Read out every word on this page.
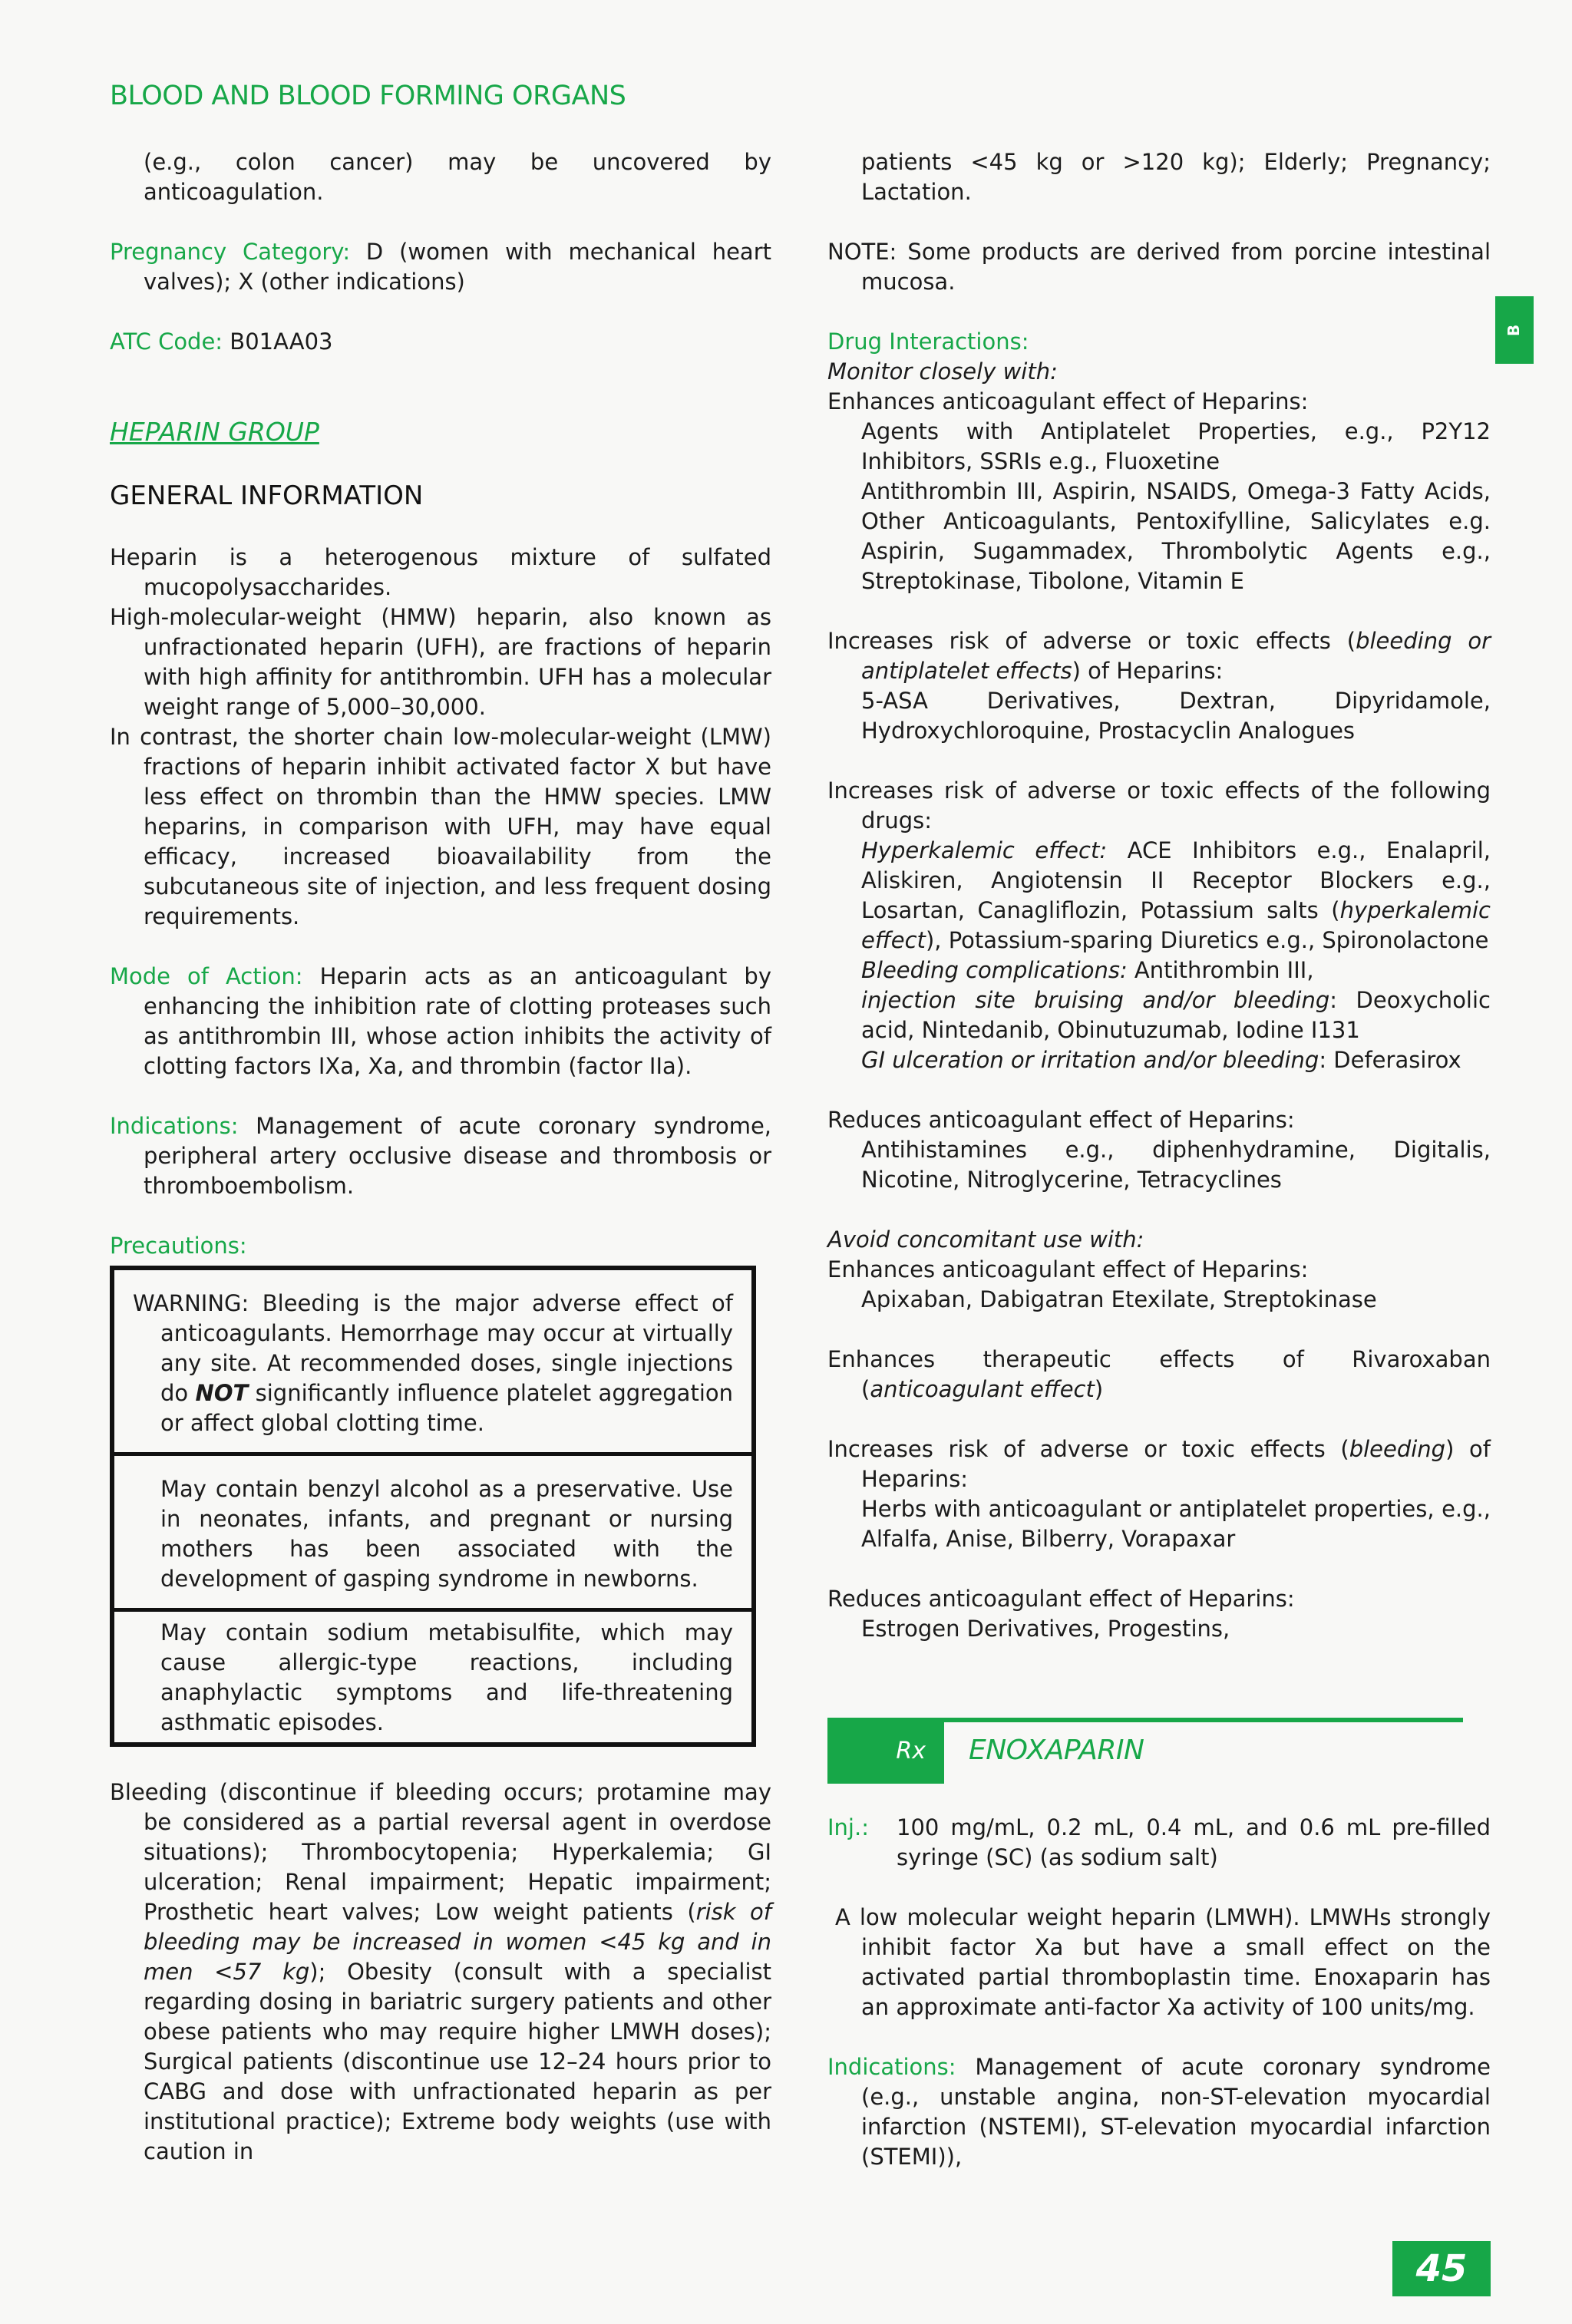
BLOOD AND BLOOD FORMING ORGANS
B

(e.g., colon cancer) may be uncovered by anticoagulation.

Pregnancy Category: D (women with mechanical heart valves); X (other indications)

ATC Code: B01AA03

HEPARIN GROUP

GENERAL INFORMATION

Heparin is a heterogenous mixture of sulfated mucopolysaccharides.

High-molecular-weight (HMW) heparin, also known as unfractionated heparin (UFH), are fractions of heparin with high affinity for antithrombin. UFH has a molecular weight range of 5,000–30,000.

In contrast, the shorter chain low-molecular-weight (LMW) fractions of heparin inhibit activated factor X but have less effect on thrombin than the HMW species. LMW heparins, in comparison with UFH, may have equal efficacy, increased bioavailability from the subcutaneous site of injection, and less frequent dosing requirements.

Mode of Action: Heparin acts as an anticoagulant by enhancing the inhibition rate of clotting proteases such as antithrombin III, whose action inhibits the activity of clotting factors IXa, Xa, and thrombin (factor IIa).

Indications: Management of acute coronary syndrome, peripheral artery occlusive disease and thrombosis or thromboembolism.

Precautions:

WARNING: Bleeding is the major adverse effect of anticoagulants. Hemorrhage may occur at virtually any site. At recommended doses, single injections do NOT significantly influence platelet aggregation or affect global clotting time.

May contain benzyl alcohol as a preservative. Use in neonates, infants, and pregnant or nursing mothers has been associated with the development of gasping syndrome in newborns.

May contain sodium metabisulfite, which may cause allergic-type reactions, including anaphylactic symptoms and life-threatening asthmatic episodes.

Bleeding (discontinue if bleeding occurs; protamine may be considered as a partial reversal agent in overdose situations); Thrombocytopenia; Hyperkalemia; GI ulceration; Renal impairment; Hepatic impairment; Prosthetic heart valves; Low weight patients (risk of bleeding may be increased in women <45 kg and in men <57 kg); Obesity (consult with a specialist regarding dosing in bariatric surgery patients and other obese patients who may require higher LMWH doses); Surgical patients (discontinue use 12–24 hours prior to CABG and dose with unfractionated heparin as per institutional practice); Extreme body weights (use with caution in

patients <45 kg or >120 kg); Elderly; Pregnancy; Lactation.

NOTE: Some products are derived from porcine intestinal mucosa.

Drug Interactions:

Monitor closely with:

Enhances anticoagulant effect of Heparins:

Agents with Antiplatelet Properties, e.g., P2Y12 Inhibitors, SSRIs e.g., Fluoxetine

Antithrombin III, Aspirin, NSAIDS, Omega-3 Fatty Acids, Other Anticoagulants, Pentoxifylline, Salicylates e.g. Aspirin, Sugammadex, Thrombolytic Agents e.g., Streptokinase, Tibolone, Vitamin E

Increases risk of adverse or toxic effects (bleeding or antiplatelet effects) of Heparins:

5-ASA Derivatives, Dextran, Dipyridamole, Hydroxychloroquine, Prostacyclin Analogues

Increases risk of adverse or toxic effects of the following drugs:

Hyperkalemic effect: ACE Inhibitors e.g., Enalapril, Aliskiren, Angiotensin II Receptor Blockers e.g., Losartan, Canagliflozin, Potassium salts (hyperkalemic effect), Potassium-sparing Diuretics e.g., Spironolactone

Bleeding complications: Antithrombin III,

injection site bruising and/or bleeding: Deoxycholic acid, Nintedanib, Obinutuzumab, Iodine I131

GI ulceration or irritation and/or bleeding: Deferasirox

Reduces anticoagulant effect of Heparins:

Antihistamines e.g., diphenhydramine, Digitalis, Nicotine, Nitroglycerine, Tetracyclines

Avoid concomitant use with:

Enhances anticoagulant effect of Heparins:

Apixaban, Dabigatran Etexilate, Streptokinase

Enhances therapeutic effects of Rivaroxaban (anticoagulant effect)

Increases risk of adverse or toxic effects (bleeding) of Heparins:

Herbs with anticoagulant or antiplatelet properties, e.g., Alfalfa, Anise, Bilberry, Vorapaxar

Reduces anticoagulant effect of Heparins:

Estrogen Derivatives, Progestins,

Rx	ENOXAPARIN
Inj.:	100 mg/mL, 0.2 mL, 0.4 mL, and 0.6 mL pre-filled syringe (SC) (as sodium salt)

A low molecular weight heparin (LMWH). LMWHs strongly inhibit factor Xa but have a small effect on the activated partial thromboplastin time. Enoxaparin has an approximate anti-factor Xa activity of 100 units/mg.

Indications: Management of acute coronary syndrome (e.g., unstable angina, non-ST-elevation myocardial infarction (NSTEMI), ST-elevation myocardial infarction (STEMI)),

45
